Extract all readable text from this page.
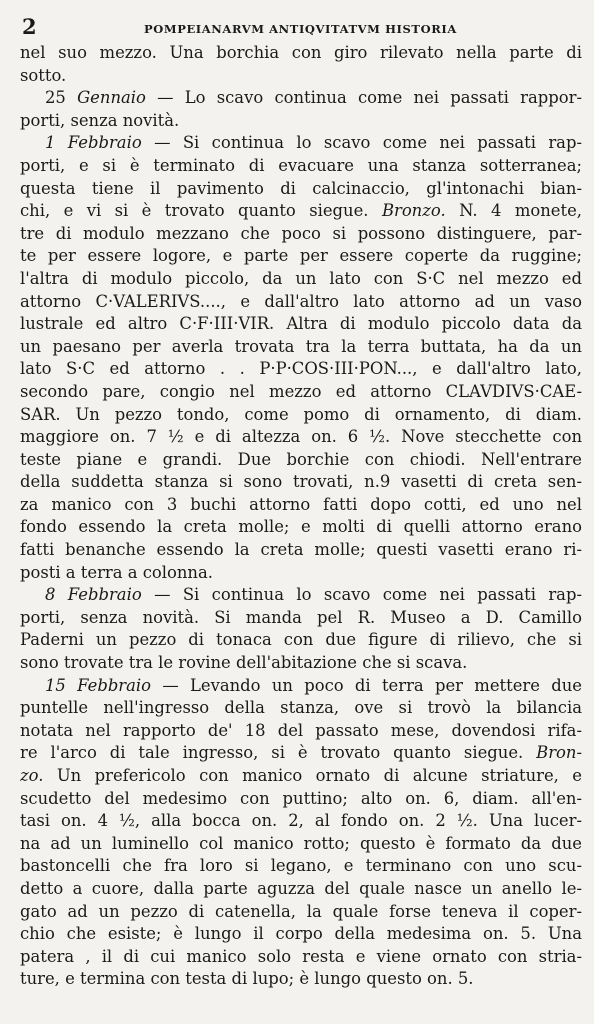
2	POMPEIANARVM ANTIQVITATVM HISTORIA
nel suo mezzo. Una borchia con giro rilevato nella parte di
sotto.
25 Gennaio — Lo scavo continua come nei passati rappor-
porti, senza novità.
1 Febbraio — Si continua lo scavo come nei passati rap-
porti, e si è terminato di evacuare una stanza sotterranea;
questa tiene il pavimento di calcinaccio, gl'intonachi bian-
chi, e vi si è trovato quanto siegue. Bronzo. N. 4 monete,
tre di modulo mezzano che poco si possono distinguere, par-
te per essere logore, e parte per essere coperte da ruggine;
l'altra di modulo piccolo, da un lato con S·C nel mezzo ed
attorno C·VALERIVS...., e dall'altro lato attorno ad un vaso
lustrale ed altro C·F·III·VIR. Altra di modulo piccolo data da
un paesano per averla trovata tra la terra buttata, ha da un
lato S·C ed attorno . . P·P·COS·III·PON..., e dall'altro lato,
secondo pare, congio nel mezzo ed attorno CLAVDIVS·CAE-
SAR. Un pezzo tondo, come pomo di ornamento, di diam.
maggiore on. 7 ½ e di altezza on. 6 ½. Nove stecchette con
teste piane e grandi. Due borchie con chiodi. Nell'entrare
della suddetta stanza si sono trovati, n.9 vasetti di creta sen-
za manico con 3 buchi attorno fatti dopo cotti, ed uno nel
fondo essendo la creta molle; e molti di quelli attorno erano
fatti benanche essendo la creta molle; questi vasetti erano ri-
posti a terra a colonna.
8 Febbraio — Si continua lo scavo come nei passati rap-
porti, senza novità. Si manda pel R. Museo a D. Camillo
Paderni un pezzo di tonaca con due figure di rilievo, che si
sono trovate tra le rovine dell'abitazione che si scava.
15 Febbraio — Levando un poco di terra per mettere due
puntelle nell'ingresso della stanza, ove si trovò la bilancia
notata nel rapporto de' 18 del passato mese, dovendosi rifa-
re l'arco di tale ingresso, si è trovato quanto siegue. Bron-
zo. Un prefericolo con manico ornato di alcune striature, e
scudetto del medesimo con puttino; alto on. 6, diam. all'en-
tasi on. 4 ½, alla bocca on. 2, al fondo on. 2 ½. Una lucer-
na ad un luminello col manico rotto; questo è formato da due
bastoncelli che fra loro si legano, e terminano con uno scu-
detto a cuore, dalla parte aguzza del quale nasce un anello le-
gato ad un pezzo di catenella, la quale forse teneva il coper-
chio che esiste; è lungo il corpo della medesima on. 5. Una
patera , il di cui manico solo resta e viene ornato con stria-
ture, e termina con testa di lupo; è lungo questo on. 5.
